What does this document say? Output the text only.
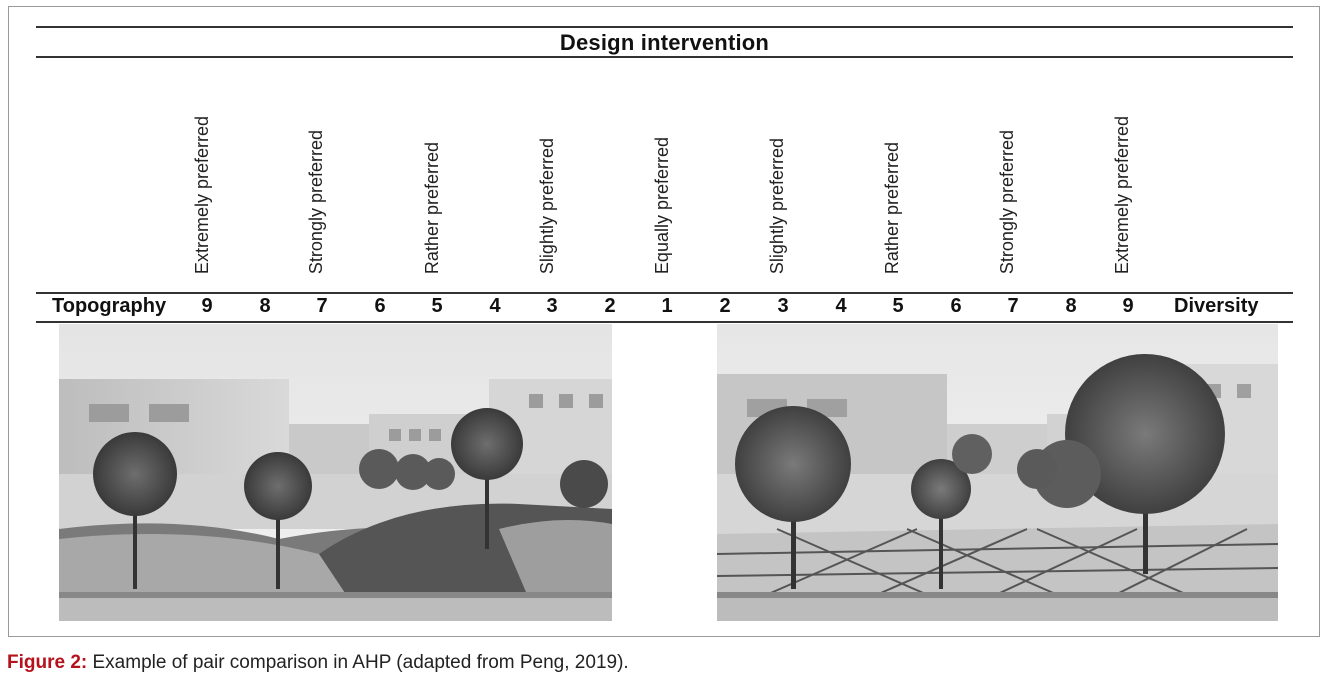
Design intervention
Extremely preferred	Strongly preferred	Rather preferred	Slightly preferred	Equally preferred	Slightly preferred	Rather preferred	Strongly preferred	Extremely preferred
Topography	9	8	7	6	5	4	3	2	1	2	3	4	5	6	7	8	9	Diversity
Figure 2: Example of pair comparison in AHP (adapted from Peng, 2019).
